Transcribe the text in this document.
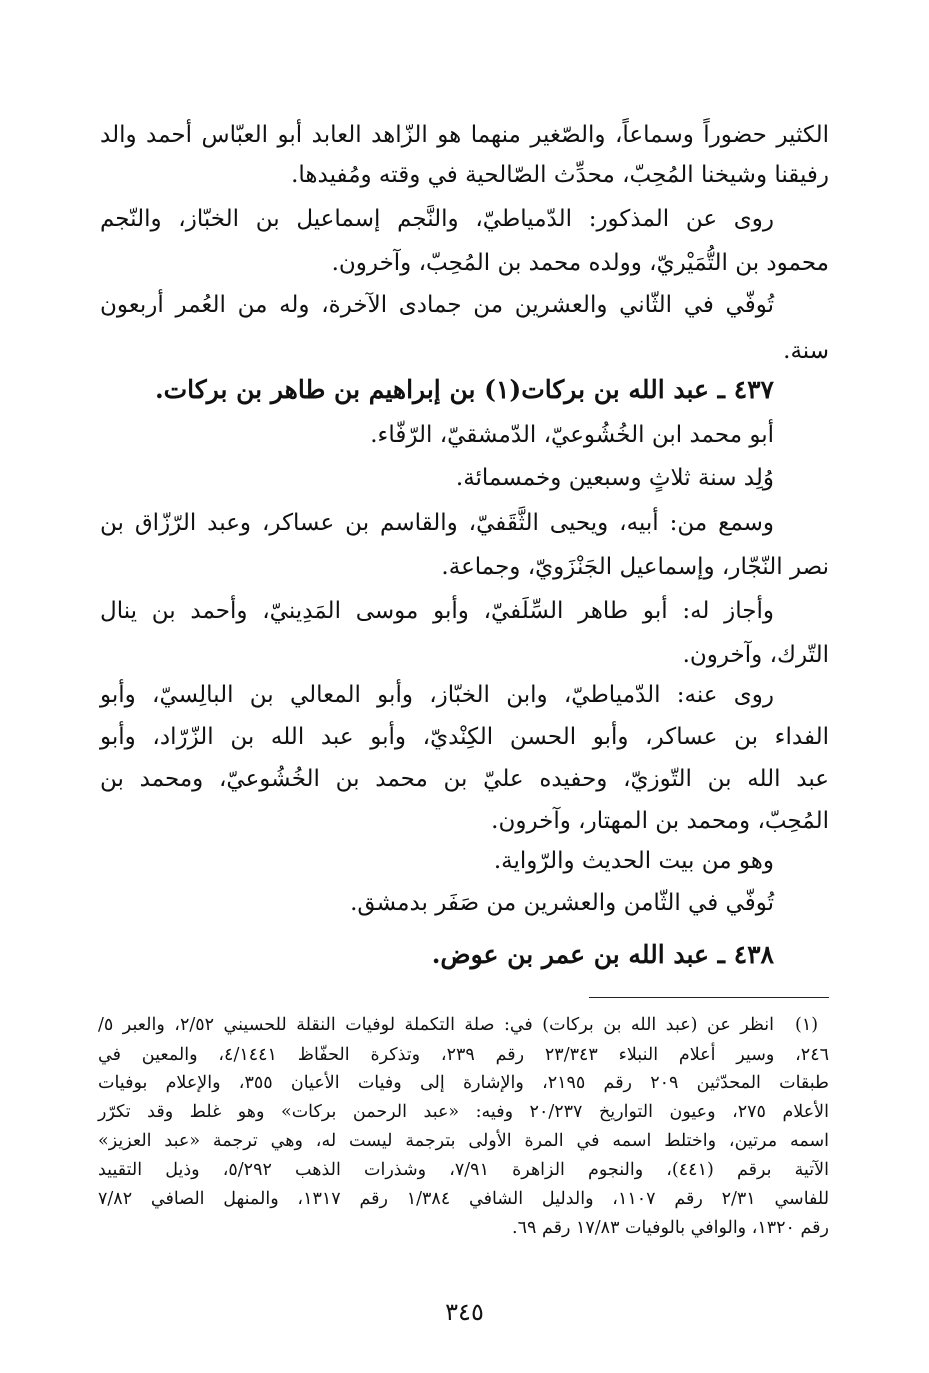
الكثير حضوراً وسماعاً، والصّغير منهما هو الزّاهد العابد أبو العبّاس أحمد والد
رفيقنا وشيخنا المُحِبّ، محدِّث الصّالحية في وقته ومُفيدها.
روى عن المذكور: الدّمياطيّ، والنَّجم إسماعيل بن الخبّاز، والنّجم
محمود بن التُّمَيْريّ، وولده محمد بن المُحِبّ، وآخرون.
تُوفّي في الثّاني والعشرين من جمادى الآخرة، وله من العُمر أربعون
سنة.
٤٣٧ ـ عبد الله بن بركات(١) بن إبراهيم بن طاهر بن بركات.
أبو محمد ابن الخُشُوعيّ، الدّمشقيّ، الرّفّاء.
وُلِد سنة ثلاثٍ وسبعين وخمسمائة.
وسمع من: أبيه، ويحيى الثَّقَفيّ، والقاسم بن عساكر، وعبد الرّزّاق بن
نصر النّجّار، وإسماعيل الجَنْزَويّ، وجماعة.
وأجاز له: أبو طاهر السِّلَفيّ، وأبو موسى المَدِينيّ، وأحمد بن ينال
التّرك، وآخرون.
روى عنه: الدّمياطيّ، وابن الخبّاز، وأبو المعالي بن البالِسيّ، وأبو
الفداء بن عساكر، وأبو الحسن الكِنْديّ، وأبو عبد الله بن الزّرّاد، وأبو
عبد الله بن التّوزيّ، وحفيده عليّ بن محمد بن الخُشُوعيّ، ومحمد بن
المُحِبّ، ومحمد بن المهتار، وآخرون.
وهو من بيت الحديث والرّواية.
تُوفّي في الثّامن والعشرين من صَفَر بدمشق.
٤٣٨ ـ عبد الله بن عمر بن عوض.
(١)
انظر عن (عبد الله بن بركات) في: صلة التكملة لوفيات النقلة للحسيني ٢/٥٢، والعبر ٥/
٢٤٦، وسير أعلام النبلاء ٢٣/٣٤٣ رقم ٢٣٩، وتذكرة الحفّاظ ٤/١٤٤١، والمعين في
طبقات المحدّثين ٢٠٩ رقم ٢١٩٥، والإشارة إلى وفيات الأعيان ٣٥٥، والإعلام بوفيات
الأعلام ٢٧٥، وعيون التواريخ ٢٠/٢٣٧ وفيه: «عبد الرحمن بركات» وهو غلط وقد تكرّر
اسمه مرتين، واختلط اسمه في المرة الأولى بترجمة ليست له، وهي ترجمة «عبد العزيز»
الآتية برقم (٤٤١)، والنجوم الزاهرة ٧/٩١، وشذرات الذهب ٥/٢٩٢، وذيل التقييد
للفاسي ٢/٣١ رقم ١١٠٧، والدليل الشافي ١/٣٨٤ رقم ١٣١٧، والمنهل الصافي ٧/٨٢
رقم ١٣٢٠، والوافي بالوفيات ١٧/٨٣ رقم ٦٩.
٣٤٥
